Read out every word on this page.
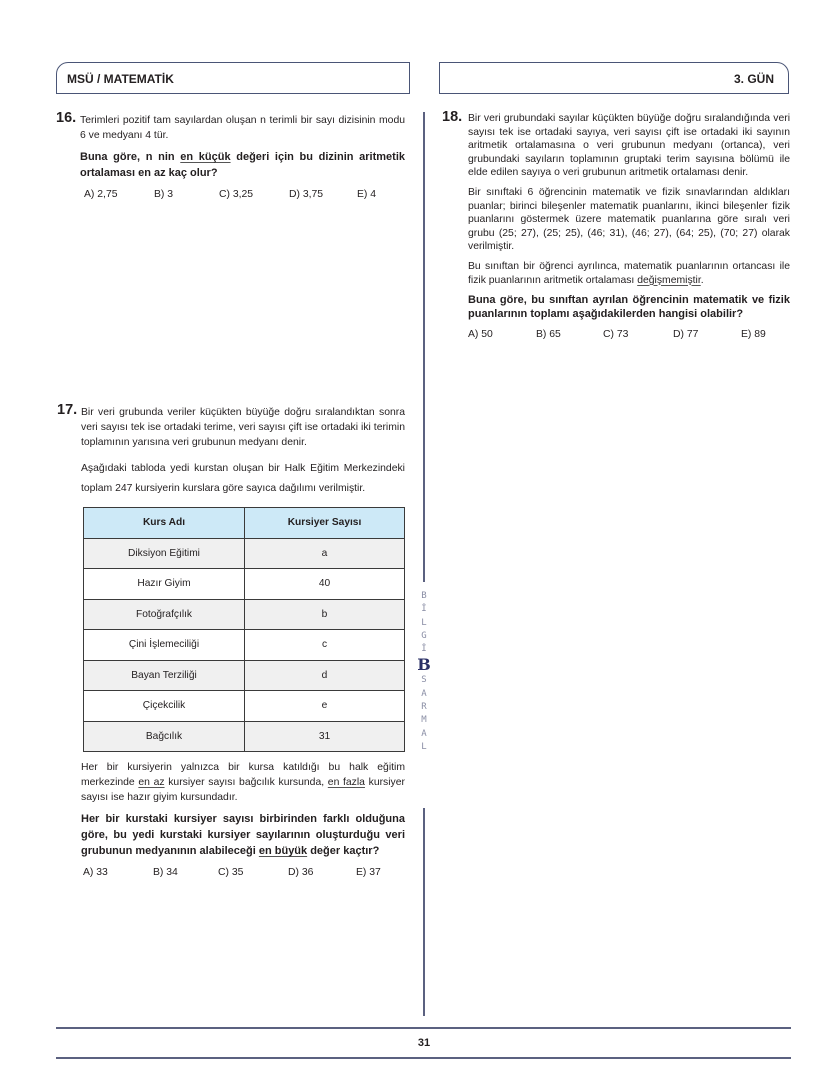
MSÜ / MATEMATİK	3. GÜN
16. Terimleri pozitif tam sayılardan oluşan n terimli bir sayı dizisinin modu 6 ve medyanı 4 tür.

Buna göre, n nin en küçük değeri için bu dizinin aritmetik ortalaması en az kaç olur?

A) 2,75	B) 3	C) 3,25	D) 3,75	E) 4
17. Bir veri grubunda veriler küçükten büyüğe doğru sıralandıktan sonra veri sayısı tek ise ortadaki terime, veri sayısı çift ise ortadaki iki terimin toplamının yarısına veri grubunun medyanı denir.

Aşağıdaki tabloda yedi kurstan oluşan bir Halk Eğitim Merkezindeki toplam 247 kursiyerin kurslara göre sayıca dağılımı verilmiştir.

Kurs Adı	Kursiyer Sayısı
Diksiyon Eğitimi	a
Hazır Giyim	40
Fotoğrafçılık	b
Çini İşlemeciliği	c
Bayan Terziliği	d
Çiçekcilik	e
Bağcılık	31

Her bir kursiyerin yalnızca bir kursa katıldığı bu halk eğitim merkezinde en az kursiyer sayısı bağcılık kursunda, en fazla kursiyer sayısı ise hazır giyim kursundadır.

Her bir kurstaki kursiyer sayısı birbirinden farklı olduğuna göre, bu yedi kurstaki kursiyer sayılarının oluşturduğu veri grubunun medyanının alabileceği en büyük değer kaçtır?

A) 33	B) 34	C) 35	D) 36	E) 37
18. Bir veri grubundaki sayılar küçükten büyüğe doğru sıralandığında veri sayısı tek ise ortadaki sayıya, veri sayısı çift ise ortadaki iki sayının aritmetik ortalamasına o veri grubunun medyanı (ortanca), veri grubundaki sayıların toplamının gruptaki terim sayısına bölümü ile elde edilen sayıya o veri grubunun aritmetik ortalaması denir.

Bir sınıftaki 6 öğrencinin matematik ve fizik sınavlarından aldıkları puanlar; birinci bileşenler matematik puanlarını, ikinci bileşenler fizik puanlarını göstermek üzere matematik puanlarına göre sıralı veri grubu (25; 27), (25; 25), (46; 31), (46; 27), (64; 25), (70; 27) olarak verilmiştir.

Bu sınıftan bir öğrenci ayrılınca, matematik puanlarının ortancası ile fizik puanlarının aritmetik ortalaması değişmemiştir.

Buna göre, bu sınıftan ayrılan öğrencinin matematik ve fizik puanlarının toplamı aşağıdakilerden hangisi olabilir?

A) 50	B) 65	C) 73	D) 77	E) 89
B
İ
L
G
İ
B
S
A
R
M
A
L
31
